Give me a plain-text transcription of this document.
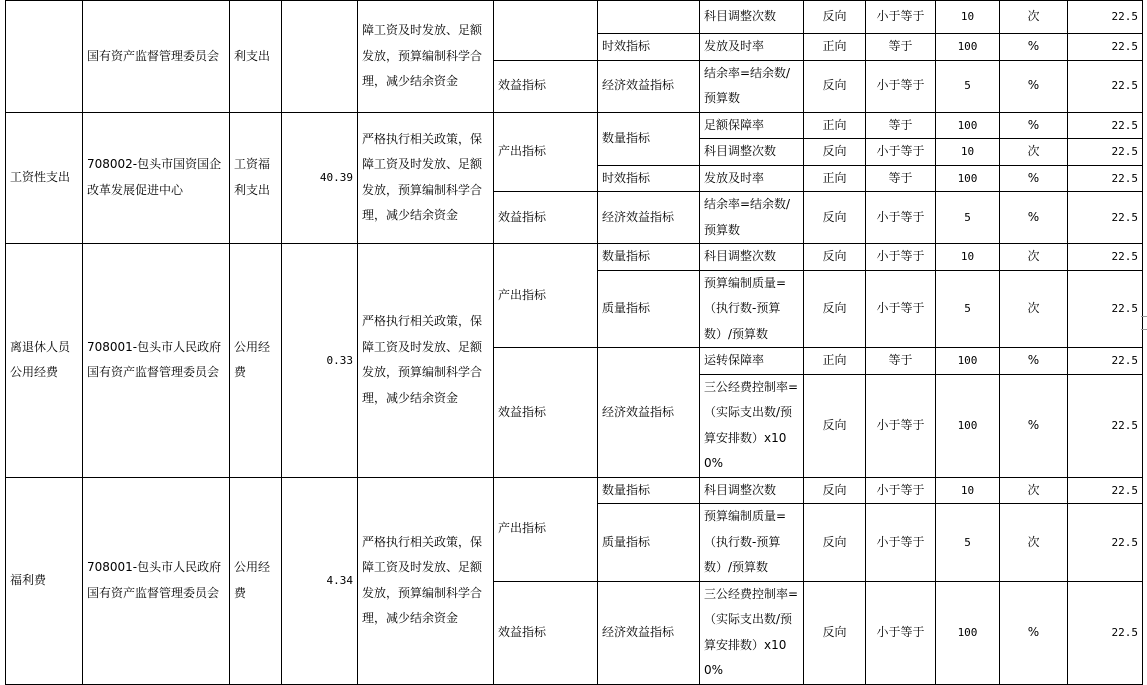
	国有资产监督管理委员会	利支出		障工资及时发放、足额发放，预算编制科学合理，减少结余资金			科目调整次数	反向	小于等于	10	次	22.5
						时效指标	发放及时率	正向	等于	100	%	22.5
					效益指标	经济效益指标	结余率=结余数/预算数	反向	小于等于	5	%	22.5

工资性支出	708002-包头市国资国企改革发展促进中心	工资福利支出	40.39	严格执行相关政策，保障工资及时发放、足额发放，预算编制科学合理，减少结余资金	产出指标	数量指标	足额保障率	正向	等于	100	%	22.5
							科目调整次数	反向	小于等于	10	次	22.5
						时效指标	发放及时率	正向	等于	100	%	22.5
					效益指标	经济效益指标	结余率=结余数/预算数	反向	小于等于	5	%	22.5

离退休人员公用经费	708001-包头市人民政府国有资产监督管理委员会	公用经费	0.33	严格执行相关政策，保障工资及时发放、足额发放，预算编制科学合理，减少结余资金	产出指标	数量指标	科目调整次数	反向	小于等于	10	次	22.5
						质量指标	预算编制质量=（执行数-预算数）/预算数	反向	小于等于	5	次	22.5
					效益指标	经济效益指标	运转保障率	正向	等于	100	%	22.5
							三公经费控制率=（实际支出数/预算安排数）x100%	反向	小于等于	100	%	22.5
福利费	708001-包头市人民政府国有资产监督管理委员会	公用经费	4.34	严格执行相关政策，保障工资及时发放、足额发放，预算编制科学合理，减少结余资金	产出指标	数量指标	科目调整次数	反向	小于等于	10	次	22.5
						质量指标	预算编制质量=（执行数-预算数）/预算数	反向	小于等于	5	次	22.5
					效益指标	经济效益指标	三公经费控制率=（实际支出数/预算安排数）x100%	反向	小于等于	100	%	22.5
